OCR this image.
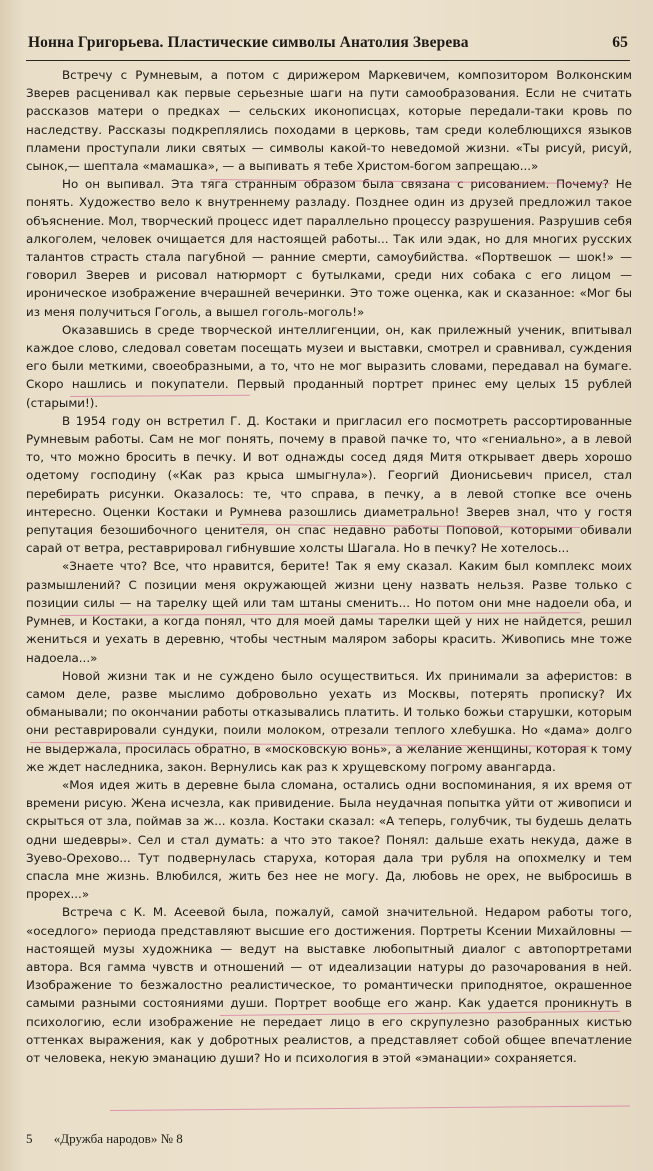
Нонна Григорьева. Пластические символы Анатолия Зверева	65

Встречу с Румневым, а потом с дирижером Маркевичем, композитором Волконским Зверев расценивал как первые серьезные шаги на пути самообразования. Если не считать рассказов матери о предках — сельских иконописцах, которые передали-таки кровь по наследству. Рассказы подкреплялись походами в церковь, там среди колеблющихся языков пламени проступали лики святых — символы какой-то неведомой жизни. «Ты рисуй, рисуй, сынок,— шептала «мамашка», — а выпивать я тебе Христом-богом запрещаю...»

Но он выпивал. Эта тяга странным образом была связана с рисованием. Почему? Не понять. Художество вело к внутреннему разладу. Позднее один из друзей предложил такое объяснение. Мол, творческий процесс идет параллельно процессу разрушения. Разрушив себя алкоголем, человек очищается для настоящей работы... Так или эдак, но для многих русских талантов страсть стала пагубной — ранние смерти, самоубийства. «Портвешок — шок!» — говорил Зверев и рисовал натюрморт с бутылками, среди них собака с его лицом — ироническое изображение вчерашней вечеринки. Это тоже оценка, как и сказанное: «Мог бы из меня получиться Гоголь, а вышел гоголь-моголь!»

Оказавшись в среде творческой интеллигенции, он, как прилежный ученик, впитывал каждое слово, следовал советам посещать музеи и выставки, смотрел и сравнивал, суждения его были меткими, своеобразными, а то, что не мог выразить словами, передавал на бумаге. Скоро нашлись и покупатели. Первый проданный портрет принес ему целых 15 рублей (старыми!).

В 1954 году он встретил Г. Д. Костаки и пригласил его посмотреть рассортированные Румневым работы. Сам не мог понять, почему в правой пачке то, что «гениально», а в левой то, что можно бросить в печку. И вот однажды сосед дядя Митя открывает дверь хорошо одетому господину («Как раз крыса шмыгнула»). Георгий Дионисьевич присел, стал перебирать рисунки. Оказалось: те, что справа, в печку, а в левой стопке все очень интересно. Оценки Костаки и Румнева разошлись диаметрально! Зверев знал, что у гостя репутация безошибочного ценителя, он спас недавно работы Поповой, которыми обивали сарай от ветра, реставрировал гибнувшие холсты Шагала. Но в печку? Не хотелось...

«Знаете что? Все, что нравится, берите! Так я ему сказал. Каким был комплекс моих размышлений? С позиции меня окружающей жизни цену назвать нельзя. Разве только с позиции силы — на тарелку щей или там штаны сменить... Но потом они мне надоели оба, и Румнев, и Костаки, а когда понял, что для моей дамы тарелки щей у них не найдется, решил жениться и уехать в деревню, чтобы честным маляром заборы красить. Живопись мне тоже надоела...»

Новой жизни так и не суждено было осуществиться. Их принимали за аферистов: в самом деле, разве мыслимо добровольно уехать из Москвы, потерять прописку? Их обманывали; по окончании работы отказывались платить. И только божьи старушки, которым они реставрировали сундуки, поили молоком, отрезали теплого хлебушка. Но «дама» долго не выдержала, просилась обратно, в «московскую вонь», а желание женщины, которая к тому же ждет наследника, закон. Вернулись как раз к хрущевскому погрому авангарда.

«Моя идея жить в деревне была сломана, остались одни воспоминания, я их время от времени рисую. Жена исчезла, как привидение. Была неудачная попытка уйти от живописи и скрыться от зла, поймав за ж... козла. Костаки сказал: «А теперь, голубчик, ты будешь делать одни шедевры». Сел и стал думать: а что это такое? Понял: дальше ехать некуда, даже в Зуево-Орехово... Тут подвернулась старуха, которая дала три рубля на опохмелку и тем спасла мне жизнь. Влюбился, жить без нее не могу. Да, любовь не орех, не выбросишь в прорех...»

Встреча с К. М. Асеевой была, пожалуй, самой значительной. Недаром работы того, «оседлого» периода представляют высшие его достижения. Портреты Ксении Михайловны — настоящей музы художника — ведут на выставке любопытный диалог с автопортретами автора. Вся гамма чувств и отношений — от идеализации натуры до разочарования в ней. Изображение то безжалостно реалистическое, то романтически приподнятое, окрашенное самыми разными состояниями души. Портрет вообще его жанр. Как удается проникнуть в психологию, если изображение не передает лицо в его скрупулезно разобранных кистью оттенках выражения, как у добротных реалистов, а представляет собой общее впечатление от человека, некую эманацию души? Но и психология в этой «эманации» сохраняется.

5 «Дружба народов» № 8
